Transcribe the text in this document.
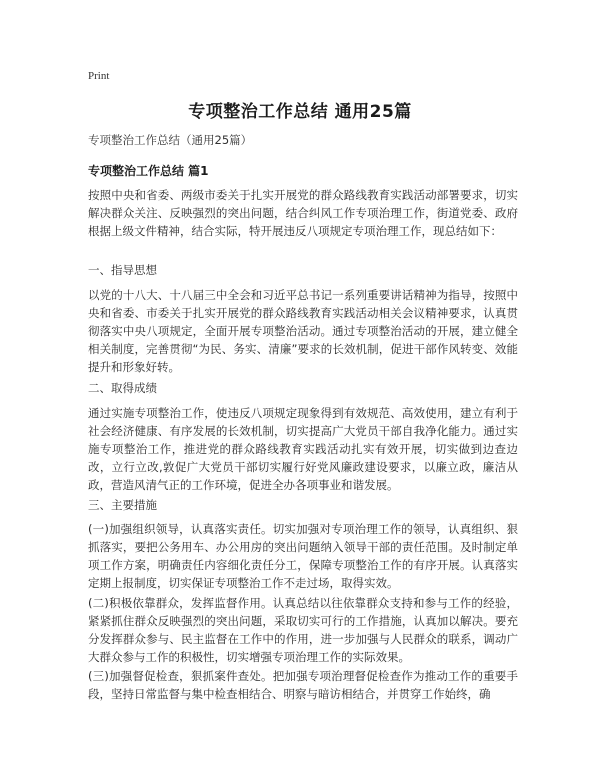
Print
专项整治工作总结 通用25篇
专项整治工作总结（通用25篇）
专项整治工作总结 篇1

按照中央和省委、两级市委关于扎实开展党的群众路线教育实践活动部署要求，切实解决群众关注、反映强烈的突出问题，结合纠风工作专项治理工作，街道党委、政府根据上级文件精神，结合实际，特开展违反八项规定专项治理工作，现总结如下：

一、指导思想

以党的十八大、十八届三中全会和习近平总书记一系列重要讲话精神为指导，按照中央和省委、市委关于扎实开展党的群众路线教育实践活动相关会议精神要求，认真贯彻落实中央八项规定，全面开展专项整治活动。通过专项整治活动的开展，建立健全相关制度，完善贯彻“为民、务实、清廉”要求的长效机制，促进干部作风转变、效能提升和形象好转。

二、取得成绩

通过实施专项整治工作，使违反八项规定现象得到有效规范、高效使用，建立有利于社会经济健康、有序发展的长效机制，切实提高广大党员干部自我净化能力。通过实施专项整治工作，推进党的群众路线教育实践活动扎实有效开展，切实做到边查边改，立行立改,敦促广大党员干部切实履行好党风廉政建设要求，以廉立政，廉洁从政，营造风清气正的工作环境，促进全办各项事业和谐发展。

三、主要措施

(一)加强组织领导，认真落实责任。切实加强对专项治理工作的领导，认真组织、狠抓落实，要把公务用车、办公用房的突出问题纳入领导干部的责任范围。及时制定单项工作方案，明确责任内容细化责任分工，保障专项整治工作的有序开展。认真落实定期上报制度，切实保证专项整治工作不走过场，取得实效。

(二)积极依靠群众，发挥监督作用。认真总结以往依靠群众支持和参与工作的经验，紧紧抓住群众反映强烈的突出问题，采取切实可行的工作措施，认真加以解决。要充分发挥群众参与、民主监督在工作中的作用，进一步加强与人民群众的联系，调动广大群众参与工作的积极性，切实增强专项治理工作的实际效果。

(三)加强督促检查，狠抓案件查处。把加强专项治理督促检查作为推动工作的重要手段，坚持日常监督与集中检查相结合、明察与暗访相结合，并贯穿工作始终，确
